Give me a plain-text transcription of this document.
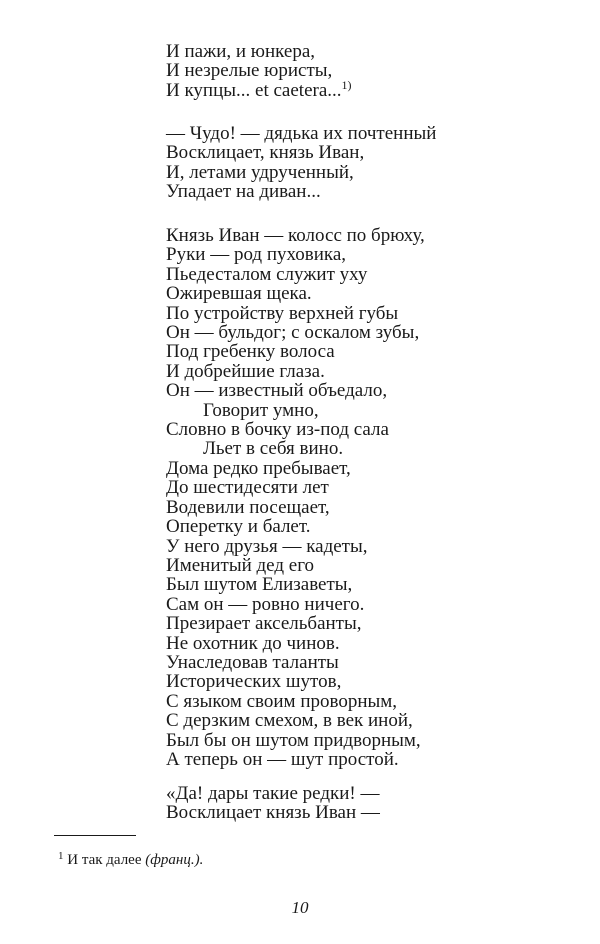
И пажи, и юнкера,
И незрелые юристы,
И купцы... et caetera...$^{1)}$
— Чудо! — дядька их почтенный
Восклицает, князь Иван,
И, летами удрученный,
Упадает на диван...
Князь Иван — колосс по брюху,
Руки — род пуховика,
Пьедесталом служит уху
Ожиревшая щека.
По устройству верхней губы
Он — бульдог; с оскалом зубы,
Под гребенку волоса
И добрейшие глаза.
Он — известный объедало,
Говорит умно,
Словно в бочку из-под сала
Льет в себя вино.
Дома редко пребывает,
До шестидесяти лет
Водевили посещает,
Оперетку и балет.
У него друзья — кадеты,
Именитый дед его
Был шутом Елизаветы,
Сам он — ровно ничего.
Презирает аксельбанты,
Не охотник до чинов.
Унаследовав таланты
Исторических шутов,
С языком своим проворным,
С дерзким смехом, в век иной,
Был бы он шутом придворным,
А теперь он — шут простой.
«Да! дары такие редки! —
Восклицает князь Иван —
$^1$ И так далее (франц.).
10
